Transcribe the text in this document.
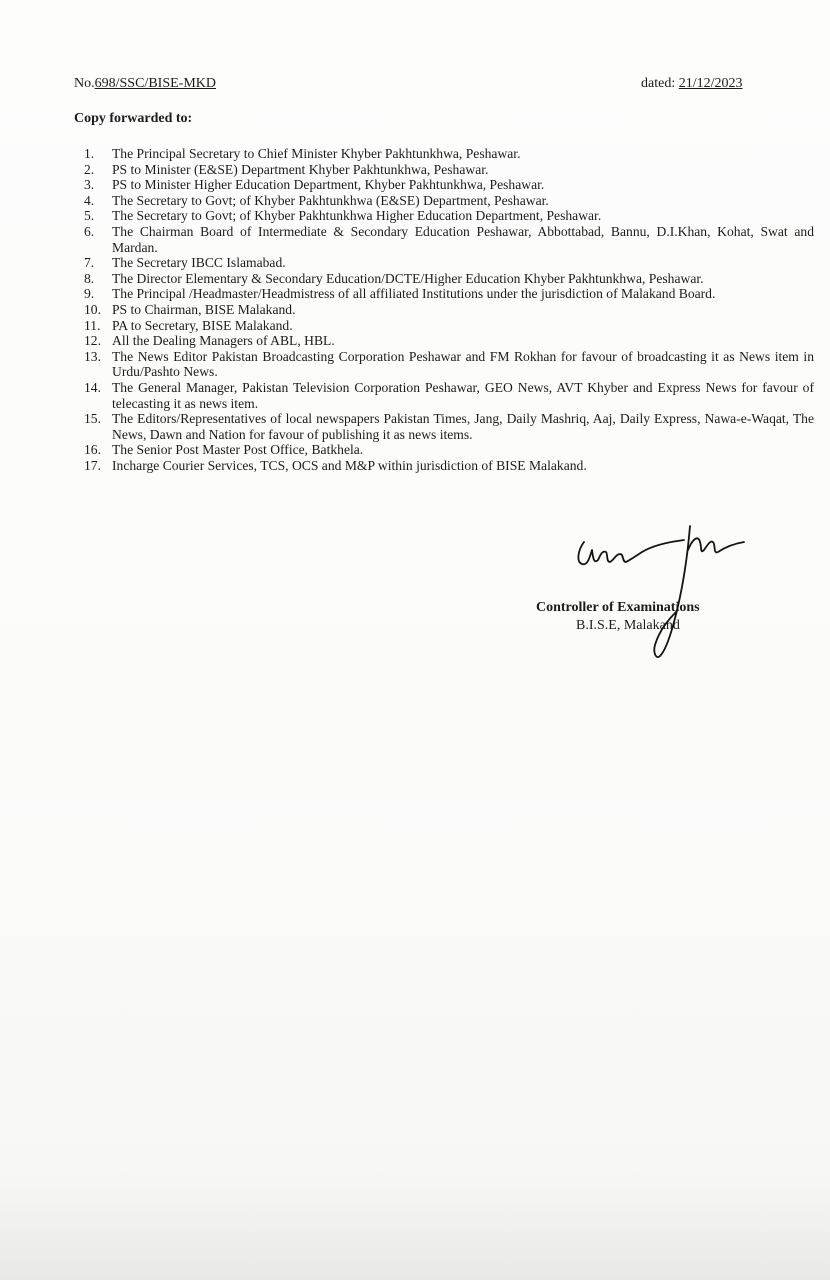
No.698/SSC/BISE-MKD	dated: 21/12/2023
Copy forwarded to:
1.	The Principal Secretary to Chief Minister Khyber Pakhtunkhwa, Peshawar.
2.	PS to Minister (E&SE) Department Khyber Pakhtunkhwa, Peshawar.
3.	PS to Minister Higher Education Department, Khyber Pakhtunkhwa, Peshawar.
4.	The Secretary to Govt; of Khyber Pakhtunkhwa (E&SE) Department, Peshawar.
5.	The Secretary to Govt; of Khyber Pakhtunkhwa Higher Education Department, Peshawar.
6.	The Chairman Board of Intermediate & Secondary Education Peshawar, Abbottabad, Bannu, D.I.Khan, Kohat, Swat and Mardan.
7.	The Secretary IBCC Islamabad.
8.	The Director Elementary & Secondary Education/DCTE/Higher Education Khyber Pakhtunkhwa, Peshawar.
9.	The Principal /Headmaster/Headmistress of all affiliated Institutions under the jurisdiction of Malakand Board.
10. PS to Chairman, BISE Malakand.
11. PA to Secretary, BISE Malakand.
12. All the Dealing Managers of ABL, HBL.
13. The News Editor Pakistan Broadcasting Corporation Peshawar and FM Rokhan for favour of broadcasting it as News item in Urdu/Pashto News.
14. The General Manager, Pakistan Television Corporation Peshawar, GEO News, AVT Khyber and Express News for favour of telecasting it as news item.
15. The Editors/Representatives of local newspapers Pakistan Times, Jang, Daily Mashriq, Aaj, Daily Express, Nawa-e-Waqat, The News, Dawn and Nation for favour of publishing it as news items.
16. The Senior Post Master Post Office, Batkhela.
17. Incharge Courier Services, TCS, OCS and M&P within jurisdiction of BISE Malakand.
Controller of Examinations
B.I.S.E, Malakand
